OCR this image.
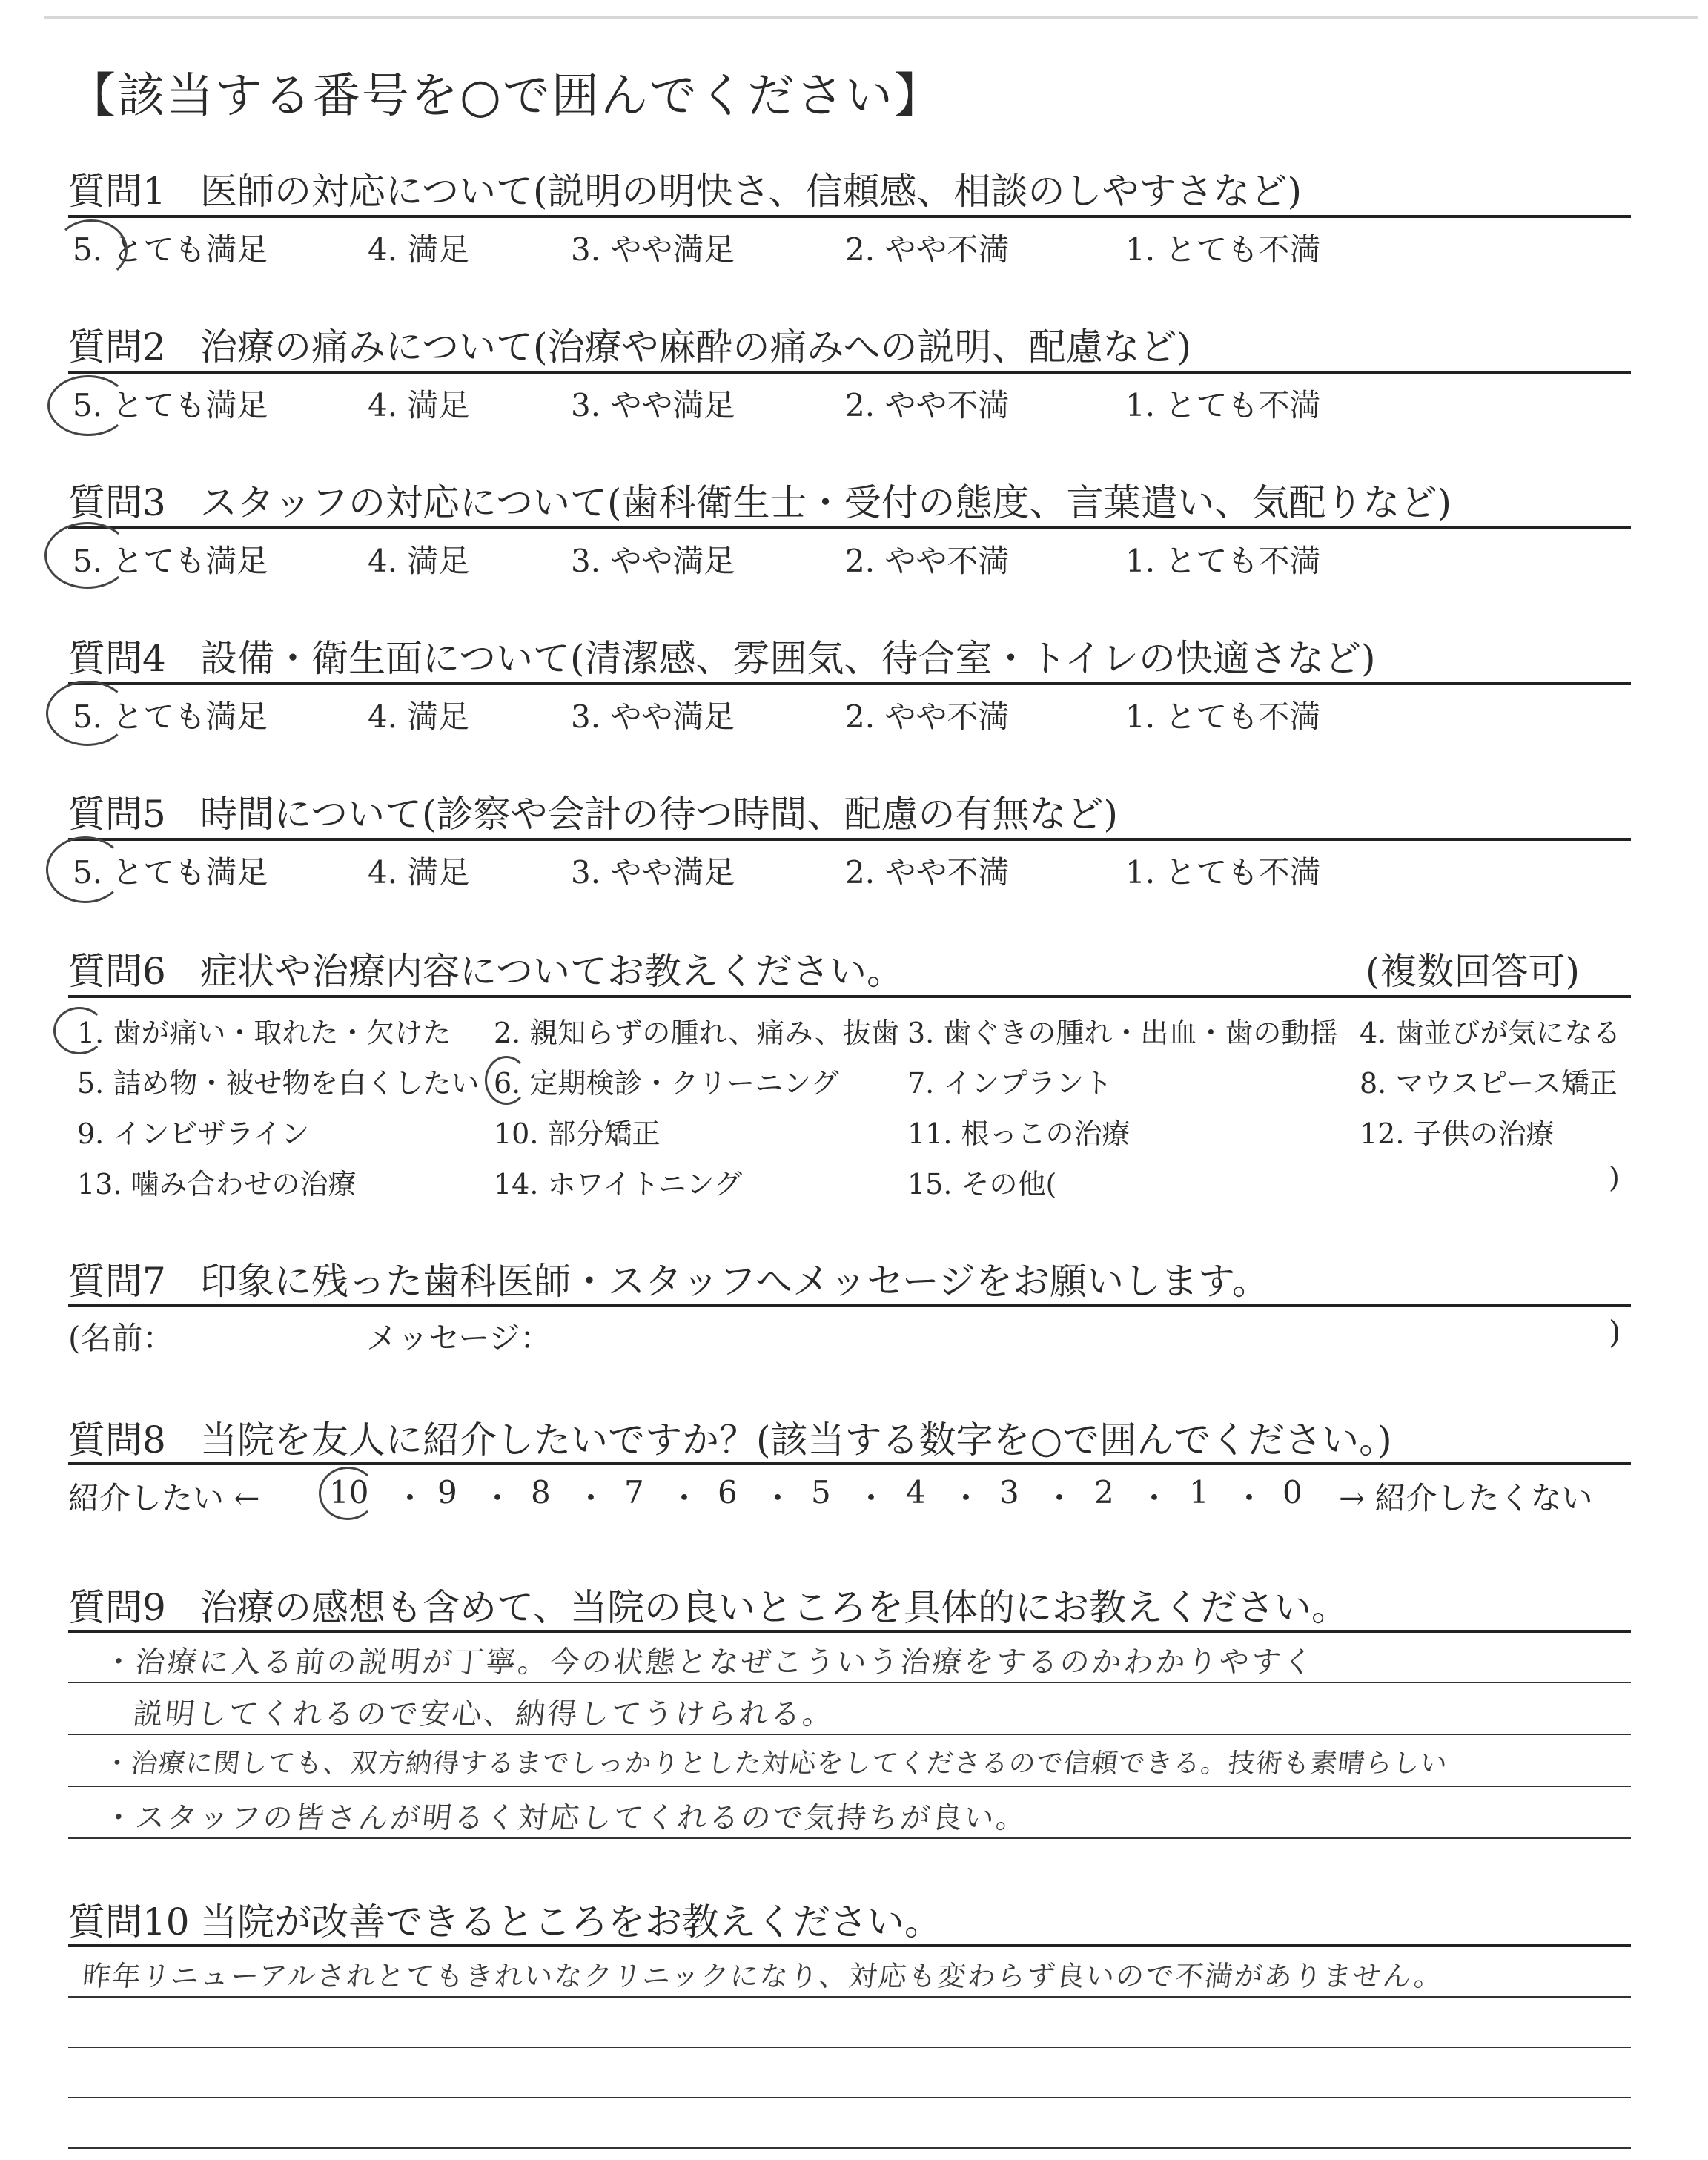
【該当する番号を○で囲んでください】
質問1 医師の対応について(説明の明快さ、信頼感、相談のしやすさなど)
5. とても満足	4. 満足	3. やや満足	2. やや不満	1. とても不満
質問2 治療の痛みについて(治療や麻酔の痛みへの説明、配慮など)
5. とても満足	4. 満足	3. やや満足	2. やや不満	1. とても不満
質問3 スタッフの対応について(歯科衛生士・受付の態度、言葉遣い、気配りなど)
5. とても満足	4. 満足	3. やや満足	2. やや不満	1. とても不満
質問4 設備・衛生面について(清潔感、雰囲気、待合室・トイレの快適さなど)
5. とても満足	4. 満足	3. やや満足	2. やや不満	1. とても不満
質問5 時間について(診察や会計の待つ時間、配慮の有無など)
5. とても満足	4. 満足	3. やや満足	2. やや不満	1. とても不満
質問6 症状や治療内容についてお教えください。	(複数回答可)
1. 歯が痛い・取れた・欠けた 2. 親知らずの腫れ、痛み、抜歯 3. 歯ぐきの腫れ・出血・歯の動揺 4. 歯並びが気になる
5. 詰め物・被せ物を白くしたい 6. 定期検診・クリーニング 7. インプラント	8. マウスピース矯正
9. インビザライン	10. 部分矯正	11. 根っこの治療	12. 子供の治療
13. 噛み合わせの治療	14. ホワイトニング	15. その他(	)
質問7 印象に残った歯科医師・スタッフへメッセージをお願いします。
(名前：	メッセージ：	)
質問8 当院を友人に紹介したいですか？(該当する数字を○で囲んでください。)
紹介したい ← 10 ・ 9 ・ 8 ・ 7 ・ 6 ・ 5 ・ 4 ・ 3 ・ 2 ・ 1 ・ 0 → 紹介したくない
質問9 治療の感想も含めて、当院の良いところを具体的にお教えください。
・治療に入る前の説明が丁寧。今の状態となぜこういう治療をするのかわかりやすく
説明してくれるので安心、納得してうけられる。
・治療に関しても、双方納得するまでしっかりとした対応をしてくださるので信頼できる。技術も素晴らしい
・スタッフの皆さんが明るく対応してくれるので気持ちが良い。
質問10 当院が改善できるところをお教えください。
昨年リニューアルされとてもきれいなクリニックになり、対応も変わらず良いので不満がありません。
